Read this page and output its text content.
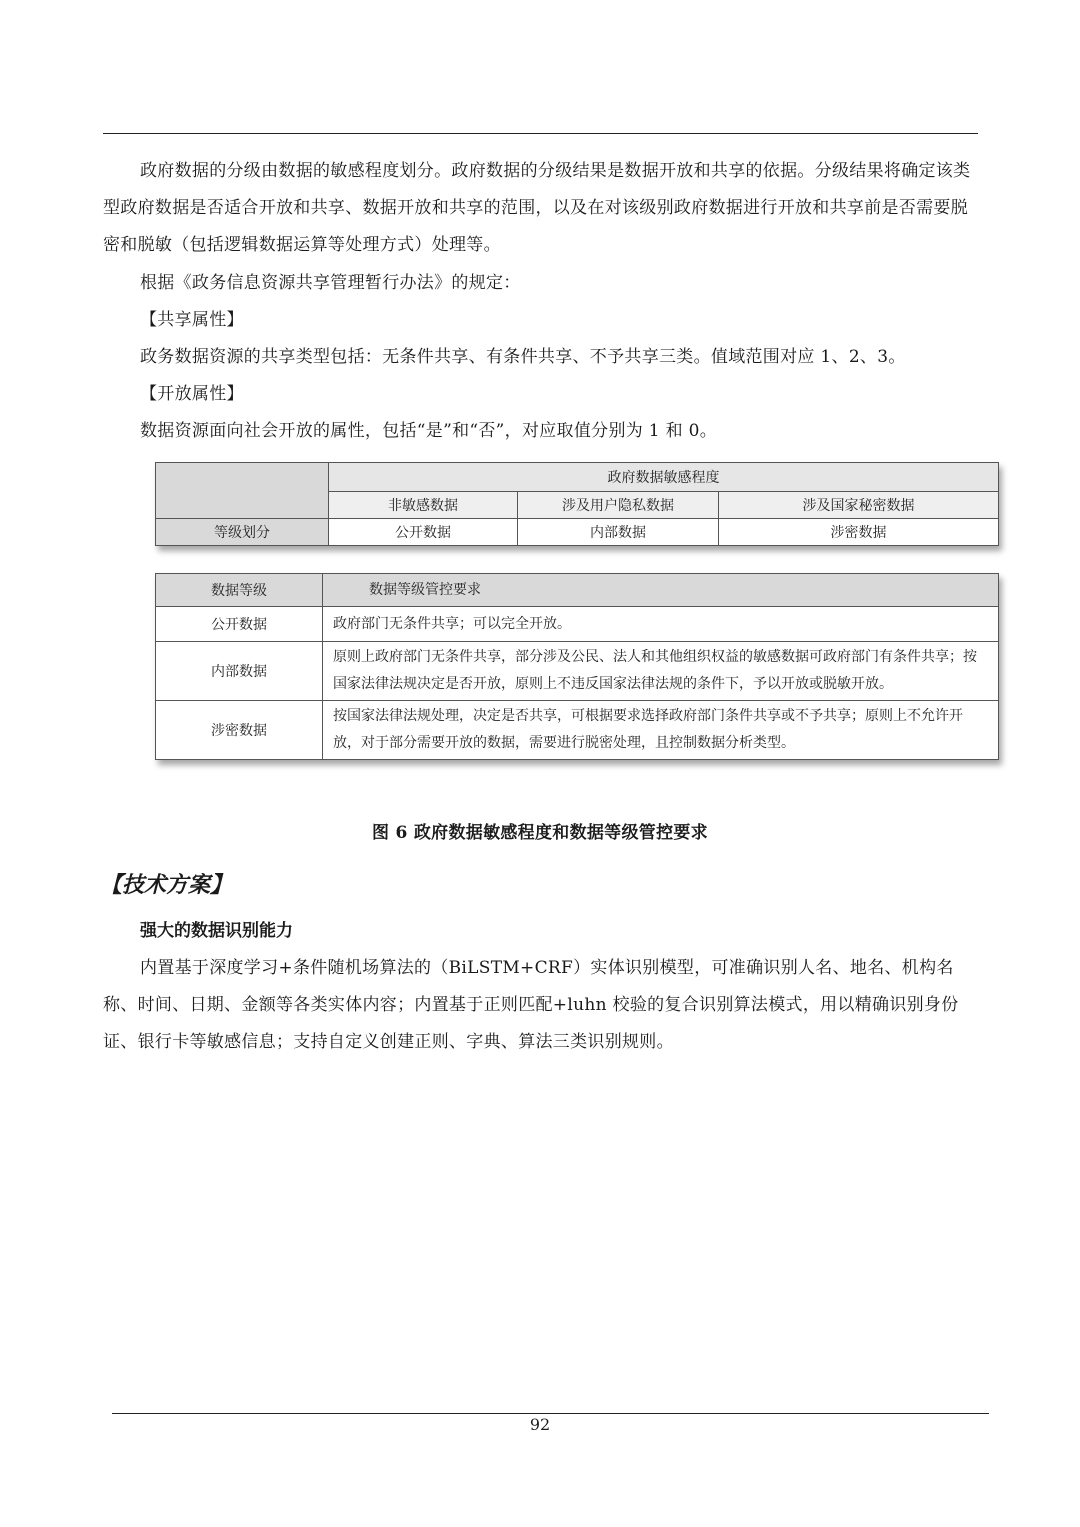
政府数据的分级由数据的敏感程度划分。政府数据的分级结果是数据开放和共享的依据。分级结果将确定该类型政府数据是否适合开放和共享、数据开放和共享的范围，以及在对该级别政府数据进行开放和共享前是否需要脱密和脱敏（包括逻辑数据运算等处理方式）处理等。

根据《政务信息资源共享管理暂行办法》的规定：
【共享属性】
政务数据资源的共享类型包括：无条件共享、有条件共享、不予共享三类。值域范围对应 1、2、3。
【开放属性】
数据资源面向社会开放的属性，包括“是”和“否”，对应取值分别为 1 和 0。
	政府数据敏感程度		
	非敏感数据	涉及用户隐私数据	涉及国家秘密数据
等级划分	公开数据	内部数据	涉密数据
数据等级	数据等级管控要求
公开数据	政府部门无条件共享；可以完全开放。
内部数据	原则上政府部门无条件共享，部分涉及公民、法人和其他组织权益的敏感数据可政府部门有条件共享；按国家法律法规决定是否开放，原则上不违反国家法律法规的条件下，予以开放或脱敏开放。
涉密数据	按国家法律法规处理，决定是否共享，可根据要求选择政府部门条件共享或不予共享；原则上不允许开放，对于部分需要开放的数据，需要进行脱密处理，且控制数据分析类型。
图 6 政府数据敏感程度和数据等级管控要求
【技术方案】
强大的数据识别能力

内置基于深度学习+条件随机场算法的（BiLSTM+CRF）实体识别模型，可准确识别人名、地名、机构名称、时间、日期、金额等各类实体内容；内置基于正则匹配+luhn 校验的复合识别算法模式，用以精确识别身份证、银行卡等敏感信息；支持自定义创建正则、字典、算法三类识别规则。

92
